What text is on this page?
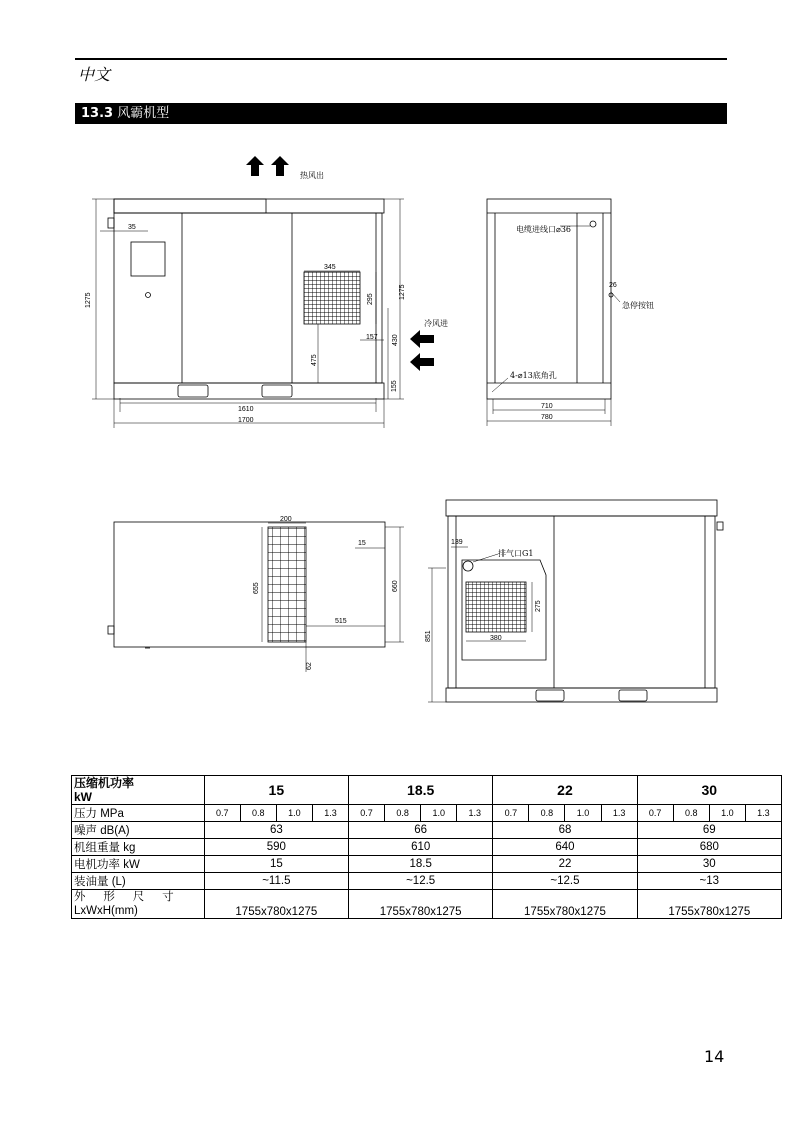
中文
13.3 风霸机型
热风出
35
1275
345
295	1275
157 430
475
155
1610
1700
冷风进
电缆进线口⌀36
26
急停按钮
4-⌀13底角孔
710
780
200
15
655	660
515
62
139
排气口G1
275
380
851
压缩机功率
kW	15				18.5				22				30			
压力 MPa	0.7	0.8	1.0	1.3	0.7	0.8	1.0	1.3	0.7	0.8	1.0	1.3	0.7	0.8	1.0	1.3
噪声 dB(A)	63				66				68				69			
机组重量 kg	590				610				640				680			
电机功率 kW	15				18.5				22				30			
装油量 (L)	~11.5				~12.5				~12.5				~13			
外  形  尺  寸
LxWxH(mm)	1755x780x1275				1755x780x1275				1755x780x1275				1755x780x1275			
14
